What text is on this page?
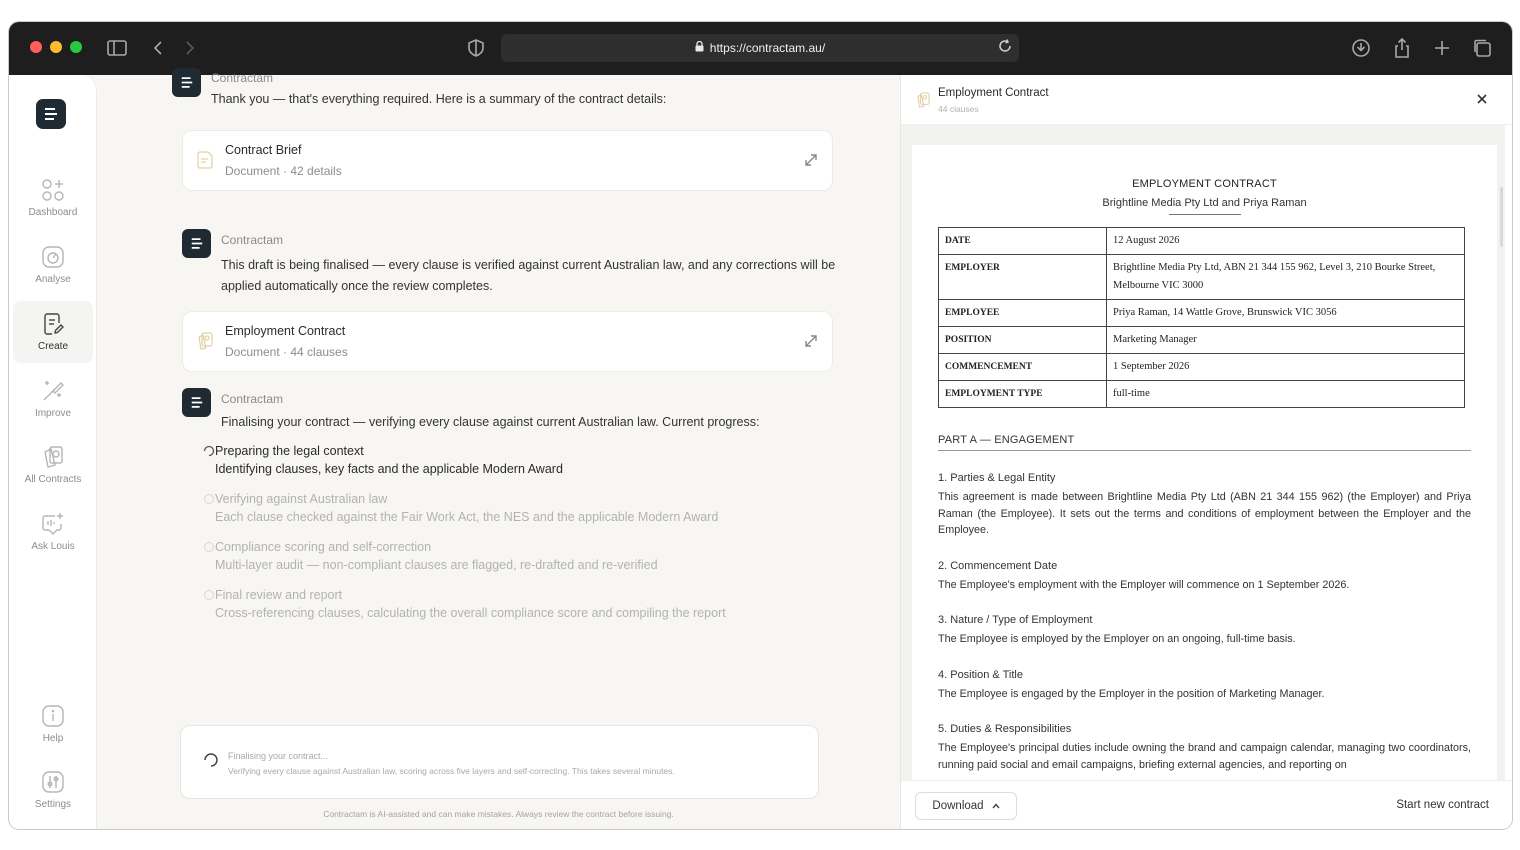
https://contractam.au/
Dashboard
Analyse
Create
Improve
All Contracts
Ask Louis
Help
Settings
Contractam
Thank you — that's everything required. Here is a summary of the contract details:
Contract Brief
Document · 42 details
Contractam
This draft is being finalised — every clause is verified against current Australian law, and any corrections will be applied automatically once the review completes.
Employment Contract
Document · 44 clauses
Contractam
Finalising your contract — verifying every clause against current Australian law. Current progress:
Preparing the legal context
Identifying clauses, key facts and the applicable Modern Award
Verifying against Australian law
Each clause checked against the Fair Work Act, the NES and the applicable Modern Award
Compliance scoring and self-correction
Multi-layer audit — non-compliant clauses are flagged, re-drafted and re-verified
Final review and report
Cross-referencing clauses, calculating the overall compliance score and compiling the report
Finalising your contract...
Verifying every clause against Australian law, scoring across five layers and self-correcting. This takes several minutes.
Contractam is AI-assisted and can make mistakes. Always review the contract before issuing.
Employment Contract
44 clauses
EMPLOYMENT CONTRACT
Brightline Media Pty Ltd and Priya Raman
DATE	12 August 2026
EMPLOYER	Brightline Media Pty Ltd, ABN 21 344 155 962, Level 3, 210 Bourke Street, Melbourne VIC 3000
EMPLOYEE	Priya Raman, 14 Wattle Grove, Brunswick VIC 3056
POSITION	Marketing Manager
COMMENCEMENT	1 September 2026
EMPLOYMENT TYPE	full-time
PART A — ENGAGEMENT
1. Parties & Legal Entity
This agreement is made between Brightline Media Pty Ltd (ABN 21 344 155 962) (the Employer) and Priya Raman (the Employee). It sets out the terms and conditions of employment between the Employer and the Employee.
2. Commencement Date
The Employee's employment with the Employer will commence on 1 September 2026.
3. Nature / Type of Employment
The Employee is employed by the Employer on an ongoing, full-time basis.
4. Position & Title
The Employee is engaged by the Employer in the position of Marketing Manager.
5. Duties & Responsibilities
The Employee's principal duties include owning the brand and campaign calendar, managing two coordinators, running paid social and email campaigns, briefing external agencies, and reporting on
Download	Start new contract
